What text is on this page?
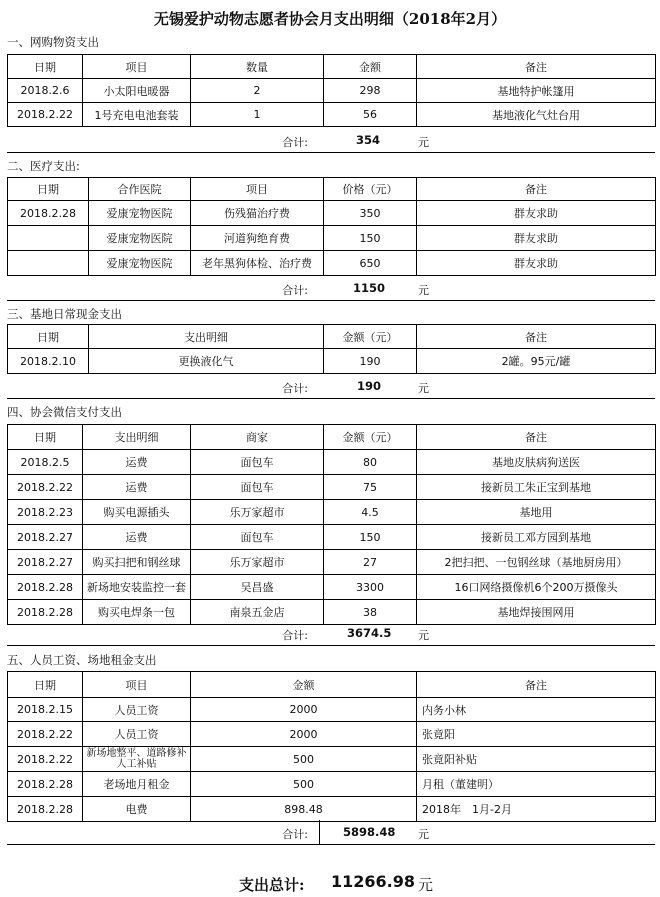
无锡爱护动物志愿者协会月支出明细（2018年2月）
一、网购物资支出
日期	项目	数量	金额	备注
2018.2.6	小太阳电暖器	2	298	基地特护帐篷用
2018.2.22	1号充电电池套装	1	56	基地液化气灶台用
合计:	354	元
二、医疗支出:
日期	合作医院	项目	价格（元）	备注
2018.2.28	爱康宠物医院	伤残猫治疗费	350	群友求助
	爱康宠物医院	河道狗绝育费	150	群友求助
	爱康宠物医院	老年黑狗体检、治疗费	650	群友求助
合计:	1150	元
三、基地日常现金支出
日期	支出明细	金额（元）	备注
2018.2.10	更换液化气	190	2罐。95元/罐
合计:	190	元
四、协会微信支付支出
日期	支出明细	商家	金额（元）	备注
2018.2.5	运费	面包车	80	基地皮肤病狗送医
2018.2.22	运费	面包车	75	接新员工朱正宝到基地
2018.2.23	购买电源插头	乐万家超市	4.5	基地用
2018.2.27	运费	面包车	150	接新员工邓方园到基地
2018.2.27	购买扫把和钢丝球	乐万家超市	27	2把扫把、一包钢丝球（基地厨房用）
2018.2.28	新场地安装监控一套	吴昌盛	3300	16口网络摄像机6个200万摄像头
2018.2.28	购买电焊条一包	南泉五金店	38	基地焊接围网用
合计:	3674.5 元
五、人员工资、场地租金支出
日期	项目	金额	备注
2018.2.15	人员工资	2000	内务小林
2018.2.22	人员工资	2000	张竟阳
2018.2.22	新场地整平、道路修补人工补贴	500	张竟阳补贴
2018.2.28	老场地月租金	500	月租（董建明）
2018.2.28	电费	898.48	2018年　1月-2月
合计:	5898.48 元
支出总计: 11266.98 元
